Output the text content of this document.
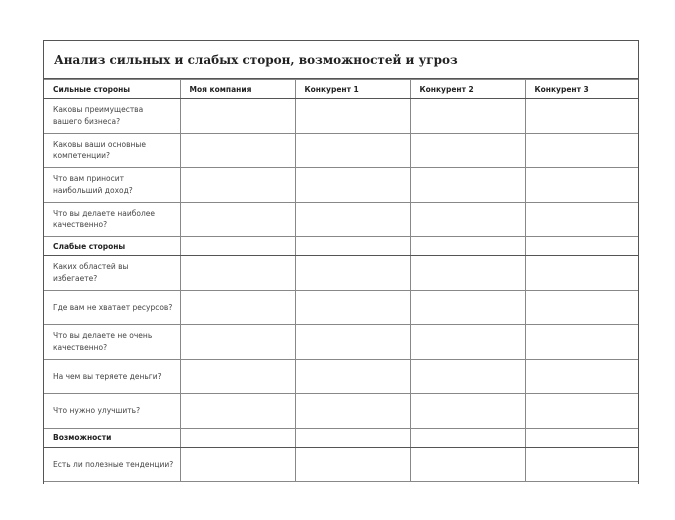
Анализ сильных и слабых сторон, возможностей и угроз
Сильные стороны	Моя компания	Конкурент 1	Конкурент 2	Конкурент 3
Каковы преимущества вашего бизнеса?				
Каковы ваши основные компетенции?				
Что вам приносит наибольший доход?				
Что вы делаете наиболее качественно?				
Слабые стороны				
Каких областей вы избегаете?				
Где вам не хватает ресурсов?				
Что вы делаете не очень качественно?				
На чем вы теряете деньги?				
Что нужно улучшить?				
Возможности				
Есть ли полезные тенденции?				
